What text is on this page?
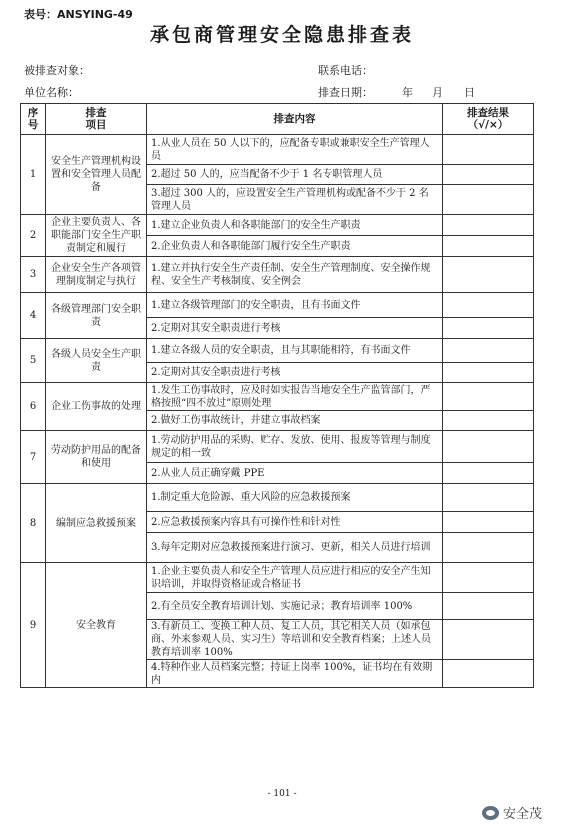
表号：ANSYING-49
承包商管理安全隐患排查表
被排查对象：	联系电话：
单位名称：	排查日期：	年 月 日
序
号	排查
项目	排查内容	排查结果
（√/×）
1	安全生产管理机构设置和安全管理人员配备	1.从业人员在 50 人以下的，应配备专职或兼职安全生产管理人员	
		2.超过 50 人的，应当配备不少于 1 名专职管理人员	
		3.超过 300 人的，应设置安全生产管理机构或配备不少于 2 名管理人员	
2	企业主要负责人、各职能部门安全生产职责制定和履行	1.建立企业负责人和各职能部门的安全生产职责	
		2.企业负责人和各职能部门履行安全生产职责	
3	企业安全生产各项管理制度制定与执行	1.建立并执行安全生产责任制、安全生产管理制度、安全操作规程、安全生产考核制度、安全例会	
4	各级管理部门安全职责	1.建立各级管理部门的安全职责，且有书面文件	
		2.定期对其安全职责进行考核	
5	各级人员安全生产职责	1.建立各级人员的安全职责，且与其职能相符，有书面文件	
		2.定期对其安全职责进行考核	
6	企业工伤事故的处理	1.发生工伤事故时，应及时如实报告当地安全生产监管部门，严格按照“四不放过”原则处理	
		2.做好工伤事故统计，并建立事故档案	
7	劳动防护用品的配备和使用	1.劳动防护用品的采购、贮存、发放、使用、报废等管理与制度规定的相一致	
		2.从业人员正确穿戴 PPE	
8	编制应急救援预案	1.制定重大危险源、重大风险的应急救援预案	
		2.应急救援预案内容具有可操作性和针对性	
		3.每年定期对应急救援预案进行演习、更新，相关人员进行培训	
9	安全教育	1.企业主要负责人和安全生产管理人员应进行相应的安全产生知识培训，并取得资格证或合格证书	
		2.有全员安全教育培训计划、实施记录；教育培训率 100%	
		3.有新员工、变换工种人员、复工人员，其它相关人员（如承包商、外来参观人员、实习生）等培训和安全教育档案；上述人员教育培训率 100%	
		4.特种作业人员档案完整；持证上岗率 100%，证书均在有效期内	
- 101 -
安全茂
